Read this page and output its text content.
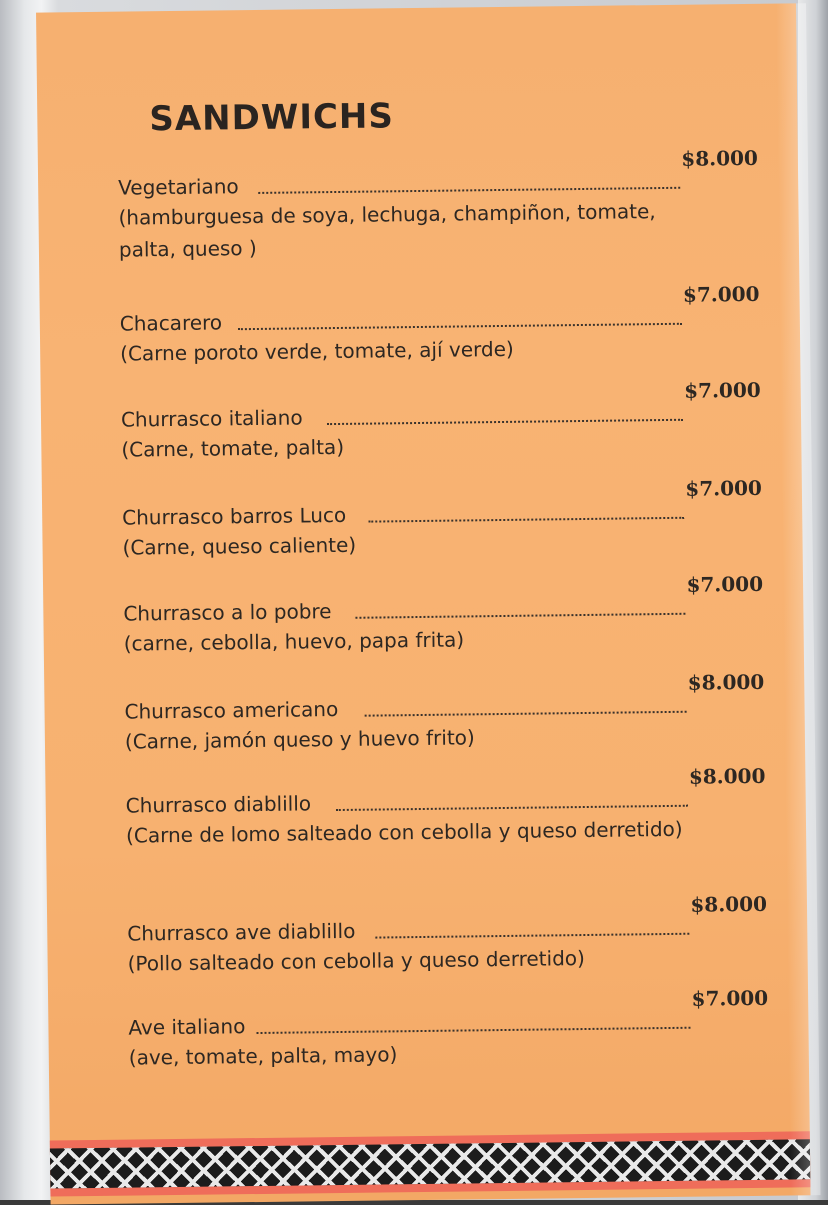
SANDWICHS
Vegetariano
$8.000
(hamburguesa de soya, lechuga, champiñon, tomate, palta, queso )
Chacarero
$7.000
(Carne poroto verde, tomate, ají verde)
Churrasco italiano
$7.000
(Carne, tomate, palta)
Churrasco barros Luco
$7.000
(Carne, queso caliente)
Churrasco a lo pobre
$7.000
(carne, cebolla, huevo, papa frita)
Churrasco americano
$8.000
(Carne, jamón queso y huevo frito)
Churrasco diablillo
$8.000
(Carne de lomo salteado con cebolla y queso derretido)
Churrasco ave diablillo
$8.000
(Pollo salteado con cebolla y queso derretido)
Ave italiano
$7.000
(ave, tomate, palta, mayo)
